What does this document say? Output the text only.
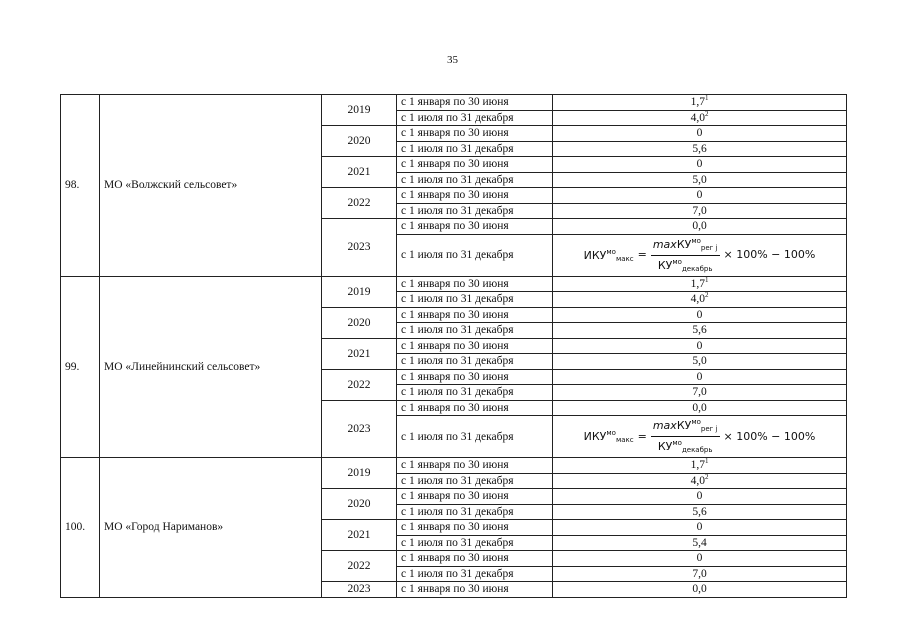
35
98.	МО «Волжский сельсовет»	2019	с 1 января по 30 июня	$1,7^1$
			с 1 июля по 31 декабря	$4,0^2$
		2020	с 1 января по 30 июня	0
			с 1 июля по 31 декабря	5,6
		2021	с 1 января по 30 июня	0
			с 1 июля по 31 декабря	5,0
		2022	с 1 января по 30 июня	0
			с 1 июля по 31 декабря	7,0
		2023	с 1 января по 30 июня	0,0
			с 1 июля по 31 декабря	$ИКУ^{мо}_{макс} = \frac{\max КУ^{мо}_{рег j}}{КУ^{мо}_{декабрь}} \times 100\% - 100\%$

99.	МО «Линейнинский сельсовет»	2019	с 1 января по 30 июня	$1,7^1$
			с 1 июля по 31 декабря	$4,0^2$
		2020	с 1 января по 30 июня	0
			с 1 июля по 31 декабря	5,6
		2021	с 1 января по 30 июня	0
			с 1 июля по 31 декабря	5,0
		2022	с 1 января по 30 июня	0
			с 1 июля по 31 декабря	7,0
		2023	с 1 января по 30 июня	0,0
			с 1 июля по 31 декабря	$ИКУ^{мо}_{макс} = \frac{\max КУ^{мо}_{рег j}}{КУ^{мо}_{декабрь}} \times 100\% - 100\%$

100.	МО «Город Нариманов»	2019	с 1 января по 30 июня	$1,7^1$
			с 1 июля по 31 декабря	$4,0^2$
		2020	с 1 января по 30 июня	0
			с 1 июля по 31 декабря	5,6
		2021	с 1 января по 30 июня	0
			с 1 июля по 31 декабря	5,4
		2022	с 1 января по 30 июня	0
			с 1 июля по 31 декабря	7,0
		2023	с 1 января по 30 июня	0,0
